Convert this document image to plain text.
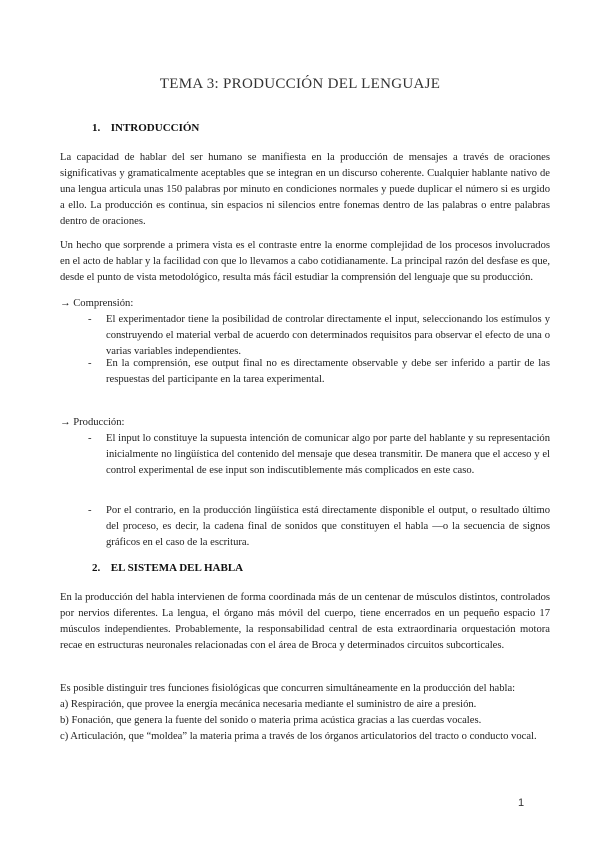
TEMA 3: PRODUCCIÓN DEL LENGUAJE
1. INTRODUCCIÓN
La capacidad de hablar del ser humano se manifiesta en la producción de mensajes a través de oraciones significativas y gramaticalmente aceptables que se integran en un discurso coherente. Cualquier hablante nativo de una lengua articula unas 150 palabras por minuto en condiciones normales y puede duplicar el número si es urgido a ello. La producción es continua, sin espacios ni silencios entre fonemas dentro de las palabras o entre palabras dentro de oraciones.
Un hecho que sorprende a primera vista es el contraste entre la enorme complejidad de los procesos involucrados en el acto de hablar y la facilidad con que lo llevamos a cabo cotidianamente. La principal razón del desfase es que, desde el punto de vista metodológico, resulta más fácil estudiar la comprensión del lenguaje que su producción.
→ Comprensión:
- El experimentador tiene la posibilidad de controlar directamente el input, seleccionando los estímulos y construyendo el material verbal de acuerdo con determinados requisitos para observar el efecto de una o varias variables independientes.
- En la comprensión, ese output final no es directamente observable y debe ser inferido a partir de las respuestas del participante en la tarea experimental.
→ Producción:
- El input lo constituye la supuesta intención de comunicar algo por parte del hablante y su representación inicialmente no lingüística del contenido del mensaje que desea transmitir. De manera que el acceso y el control experimental de ese input son indiscutiblemente más complicados en este caso.
- Por el contrario, en la producción lingüística está directamente disponible el output, o resultado último del proceso, es decir, la cadena final de sonidos que constituyen el habla —o la secuencia de signos gráficos en el caso de la escritura.
2. EL SISTEMA DEL HABLA
En la producción del habla intervienen de forma coordinada más de un centenar de músculos distintos, controlados por nervios diferentes. La lengua, el órgano más móvil del cuerpo, tiene encerrados en un pequeño espacio 17 músculos independientes. Probablemente, la responsabilidad central de esta extraordinaria orquestación motora recae en estructuras neuronales relacionadas con el área de Broca y determinados circuitos subcorticales.
Es posible distinguir tres funciones fisiológicas que concurren simultáneamente en la producción del habla:
a) Respiración, que provee la energía mecánica necesaria mediante el suministro de aire a presión.
b) Fonación, que genera la fuente del sonido o materia prima acústica gracias a las cuerdas vocales.
c) Articulación, que “moldea” la materia prima a través de los órganos articulatorios del tracto o conducto vocal.
1
